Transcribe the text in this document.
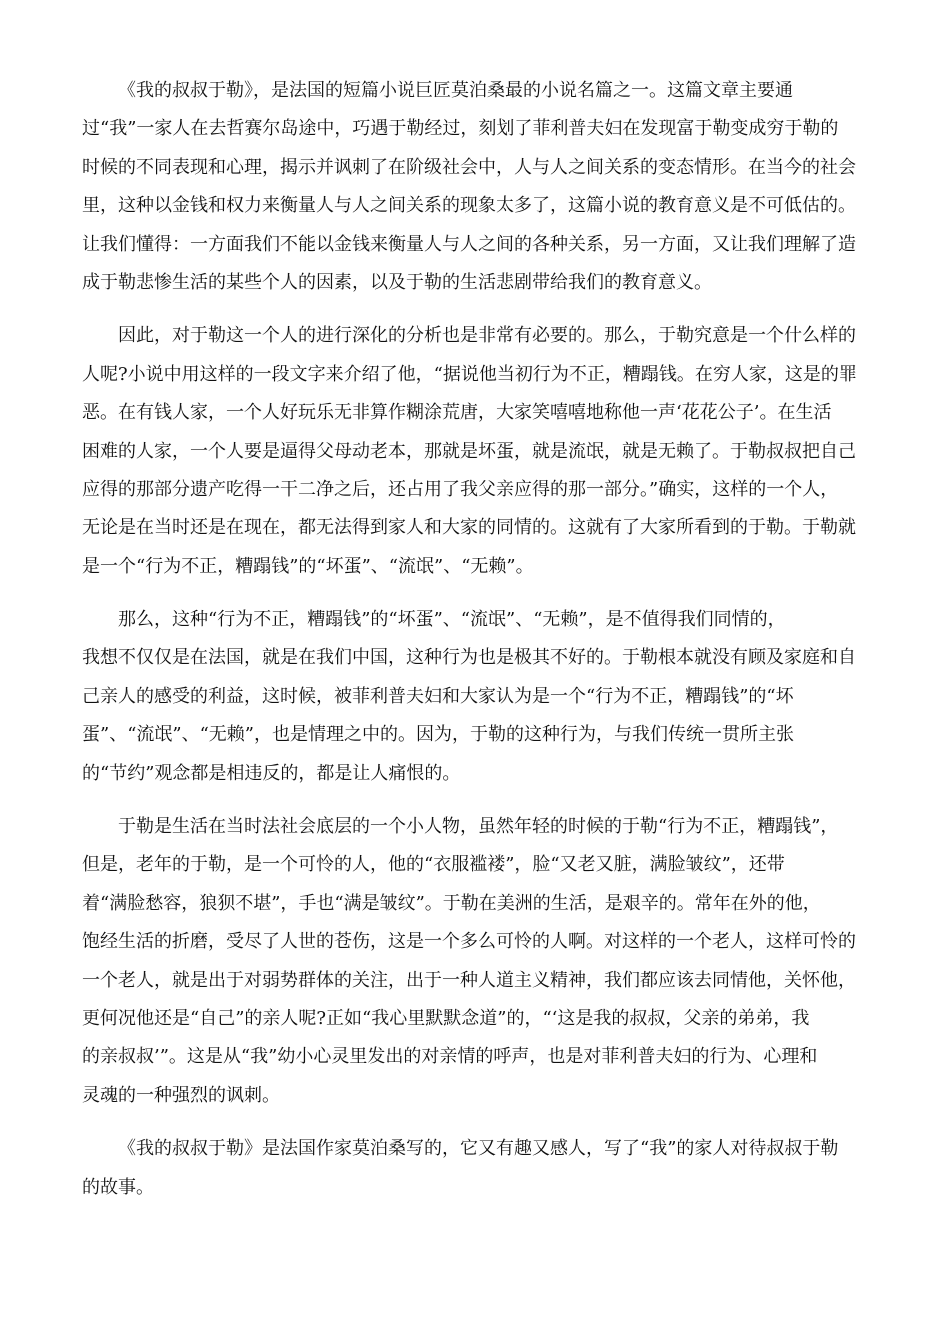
《我的叔叔于勒》，是法国的短篇小说巨匠莫泊桑最的小说名篇之一。这篇文章主要通
过“我”一家人在去哲赛尔岛途中，巧遇于勒经过，刻划了菲利普夫妇在发现富于勒变成穷于勒的
时候的不同表现和心理，揭示并讽刺了在阶级社会中，人与人之间关系的变态情形。在当今的社会
里，这种以金钱和权力来衡量人与人之间关系的现象太多了，这篇小说的教育意义是不可低估的。
让我们懂得：一方面我们不能以金钱来衡量人与人之间的各种关系，另一方面，又让我们理解了造
成于勒悲惨生活的某些个人的因素，以及于勒的生活悲剧带给我们的教育意义。
因此，对于勒这一个人的进行深化的分析也是非常有必要的。那么，于勒究意是一个什么样的
人呢?小说中用这样的一段文字来介绍了他，“据说他当初行为不正，糟蹋钱。在穷人家，这是的罪
恶。在有钱人家，一个人好玩乐无非算作糊涂荒唐，大家笑嘻嘻地称他一声‘花花公子’。在生活
困难的人家，一个人要是逼得父母动老本，那就是坏蛋，就是流氓，就是无赖了。于勒叔叔把自己
应得的那部分遗产吃得一干二净之后，还占用了我父亲应得的那一部分。”确实，这样的一个人，
无论是在当时还是在现在，都无法得到家人和大家的同情的。这就有了大家所看到的于勒。于勒就
是一个“行为不正，糟蹋钱”的“坏蛋”、“流氓”、“无赖”。
那么，这种“行为不正，糟蹋钱”的“坏蛋”、“流氓”、“无赖”，是不值得我们同情的，
我想不仅仅是在法国，就是在我们中国，这种行为也是极其不好的。于勒根本就没有顾及家庭和自
己亲人的感受的利益，这时候，被菲利普夫妇和大家认为是一个“行为不正，糟蹋钱”的“坏
蛋”、“流氓”、“无赖”，也是情理之中的。因为，于勒的这种行为，与我们传统一贯所主张
的“节约”观念都是相违反的，都是让人痛恨的。
于勒是生活在当时法社会底层的一个小人物，虽然年轻的时候的于勒“行为不正，糟蹋钱”，
但是，老年的于勒，是一个可怜的人，他的“衣服褴褛”，脸“又老又脏，满脸皱纹”，还带
着“满脸愁容，狼狈不堪”，手也“满是皱纹”。于勒在美洲的生活，是艰辛的。常年在外的他，
饱经生活的折磨，受尽了人世的苍伤，这是一个多么可怜的人啊。对这样的一个老人，这样可怜的
一个老人，就是出于对弱势群体的关注，出于一种人道主义精神，我们都应该去同情他，关怀他，
更何况他还是“自己”的亲人呢?正如“我心里默默念道”的，“‘这是我的叔叔，父亲的弟弟，我
的亲叔叔’”。这是从“我”幼小心灵里发出的对亲情的呼声，也是对菲利普夫妇的行为、心理和
灵魂的一种强烈的讽刺。
《我的叔叔于勒》是法国作家莫泊桑写的，它又有趣又感人，写了“我”的家人对待叔叔于勒
的故事。
